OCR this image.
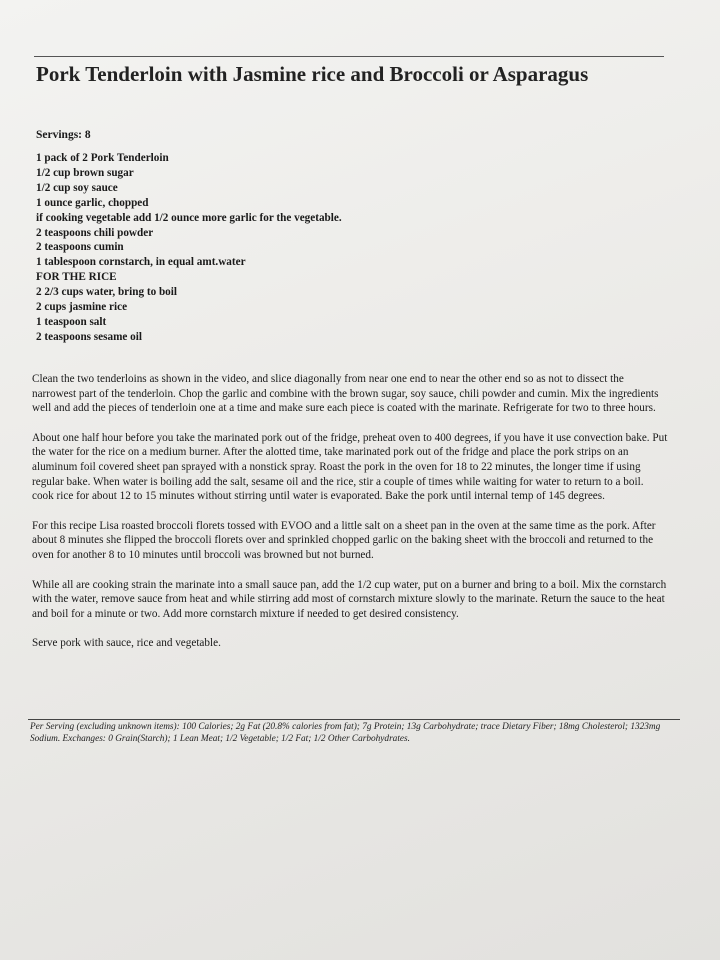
Pork Tenderloin with Jasmine rice and Broccoli or Asparagus
Servings: 8
1 pack of 2 Pork Tenderloin
1/2 cup brown sugar
1/2 cup soy sauce
1 ounce garlic, chopped
if cooking vegetable add 1/2 ounce more garlic for the vegetable.
2 teaspoons chili powder
2 teaspoons cumin
1 tablespoon cornstarch, in equal amt.water
FOR THE RICE
2 2/3 cups water, bring to boil
2 cups jasmine rice
1 teaspoon salt
2 teaspoons sesame oil

Clean the two tenderloins as shown in the video, and slice diagonally from near one end to near the other end so as not to dissect the narrowest part of the tenderloin. Chop the garlic and combine with the brown sugar, soy sauce, chili powder and cumin. Mix the ingredients well and add the pieces of tenderloin one at a time and make sure each piece is coated with the marinate. Refrigerate for two to three hours.

About one half hour before you take the marinated pork out of the fridge, preheat oven to 400 degrees, if you have it use convection bake. Put the water for the rice on a medium burner. After the alotted time, take marinated pork out of the fridge and place the pork strips on an aluminum foil covered sheet pan sprayed with a nonstick spray. Roast the pork in the oven for 18 to 22 minutes, the longer time if using regular bake. When water is boiling add the salt, sesame oil and the rice, stir a couple of times while waiting for water to return to a boil. cook rice for about 12 to 15 minutes without stirring until water is evaporated. Bake the pork until internal temp of 145 degrees.

For this recipe Lisa roasted broccoli florets tossed with EVOO and a little salt on a sheet pan in the oven at the same time as the pork. After about 8 minutes she flipped the broccoli florets over and sprinkled chopped garlic on the baking sheet with the broccoli and returned to the oven for another 8 to 10 minutes until broccoli was browned but not burned.

While all are cooking strain the marinate into a small sauce pan, add the 1/2 cup water, put on a burner and bring to a boil. Mix the cornstarch with the water, remove sauce from heat and while stirring add most of cornstarch mixture slowly to the marinate. Return the sauce to the heat and boil for a minute or two. Add more cornstarch mixture if needed to get desired consistency.

Serve pork with sauce, rice and vegetable.

Per Serving (excluding unknown items): 100 Calories; 2g Fat (20.8% calories from fat); 7g Protein; 13g Carbohydrate; trace Dietary Fiber; 18mg Cholesterol; 1323mg Sodium. Exchanges: 0 Grain(Starch); 1 Lean Meat; 1/2 Vegetable; 1/2 Fat; 1/2 Other Carbohydrates.
